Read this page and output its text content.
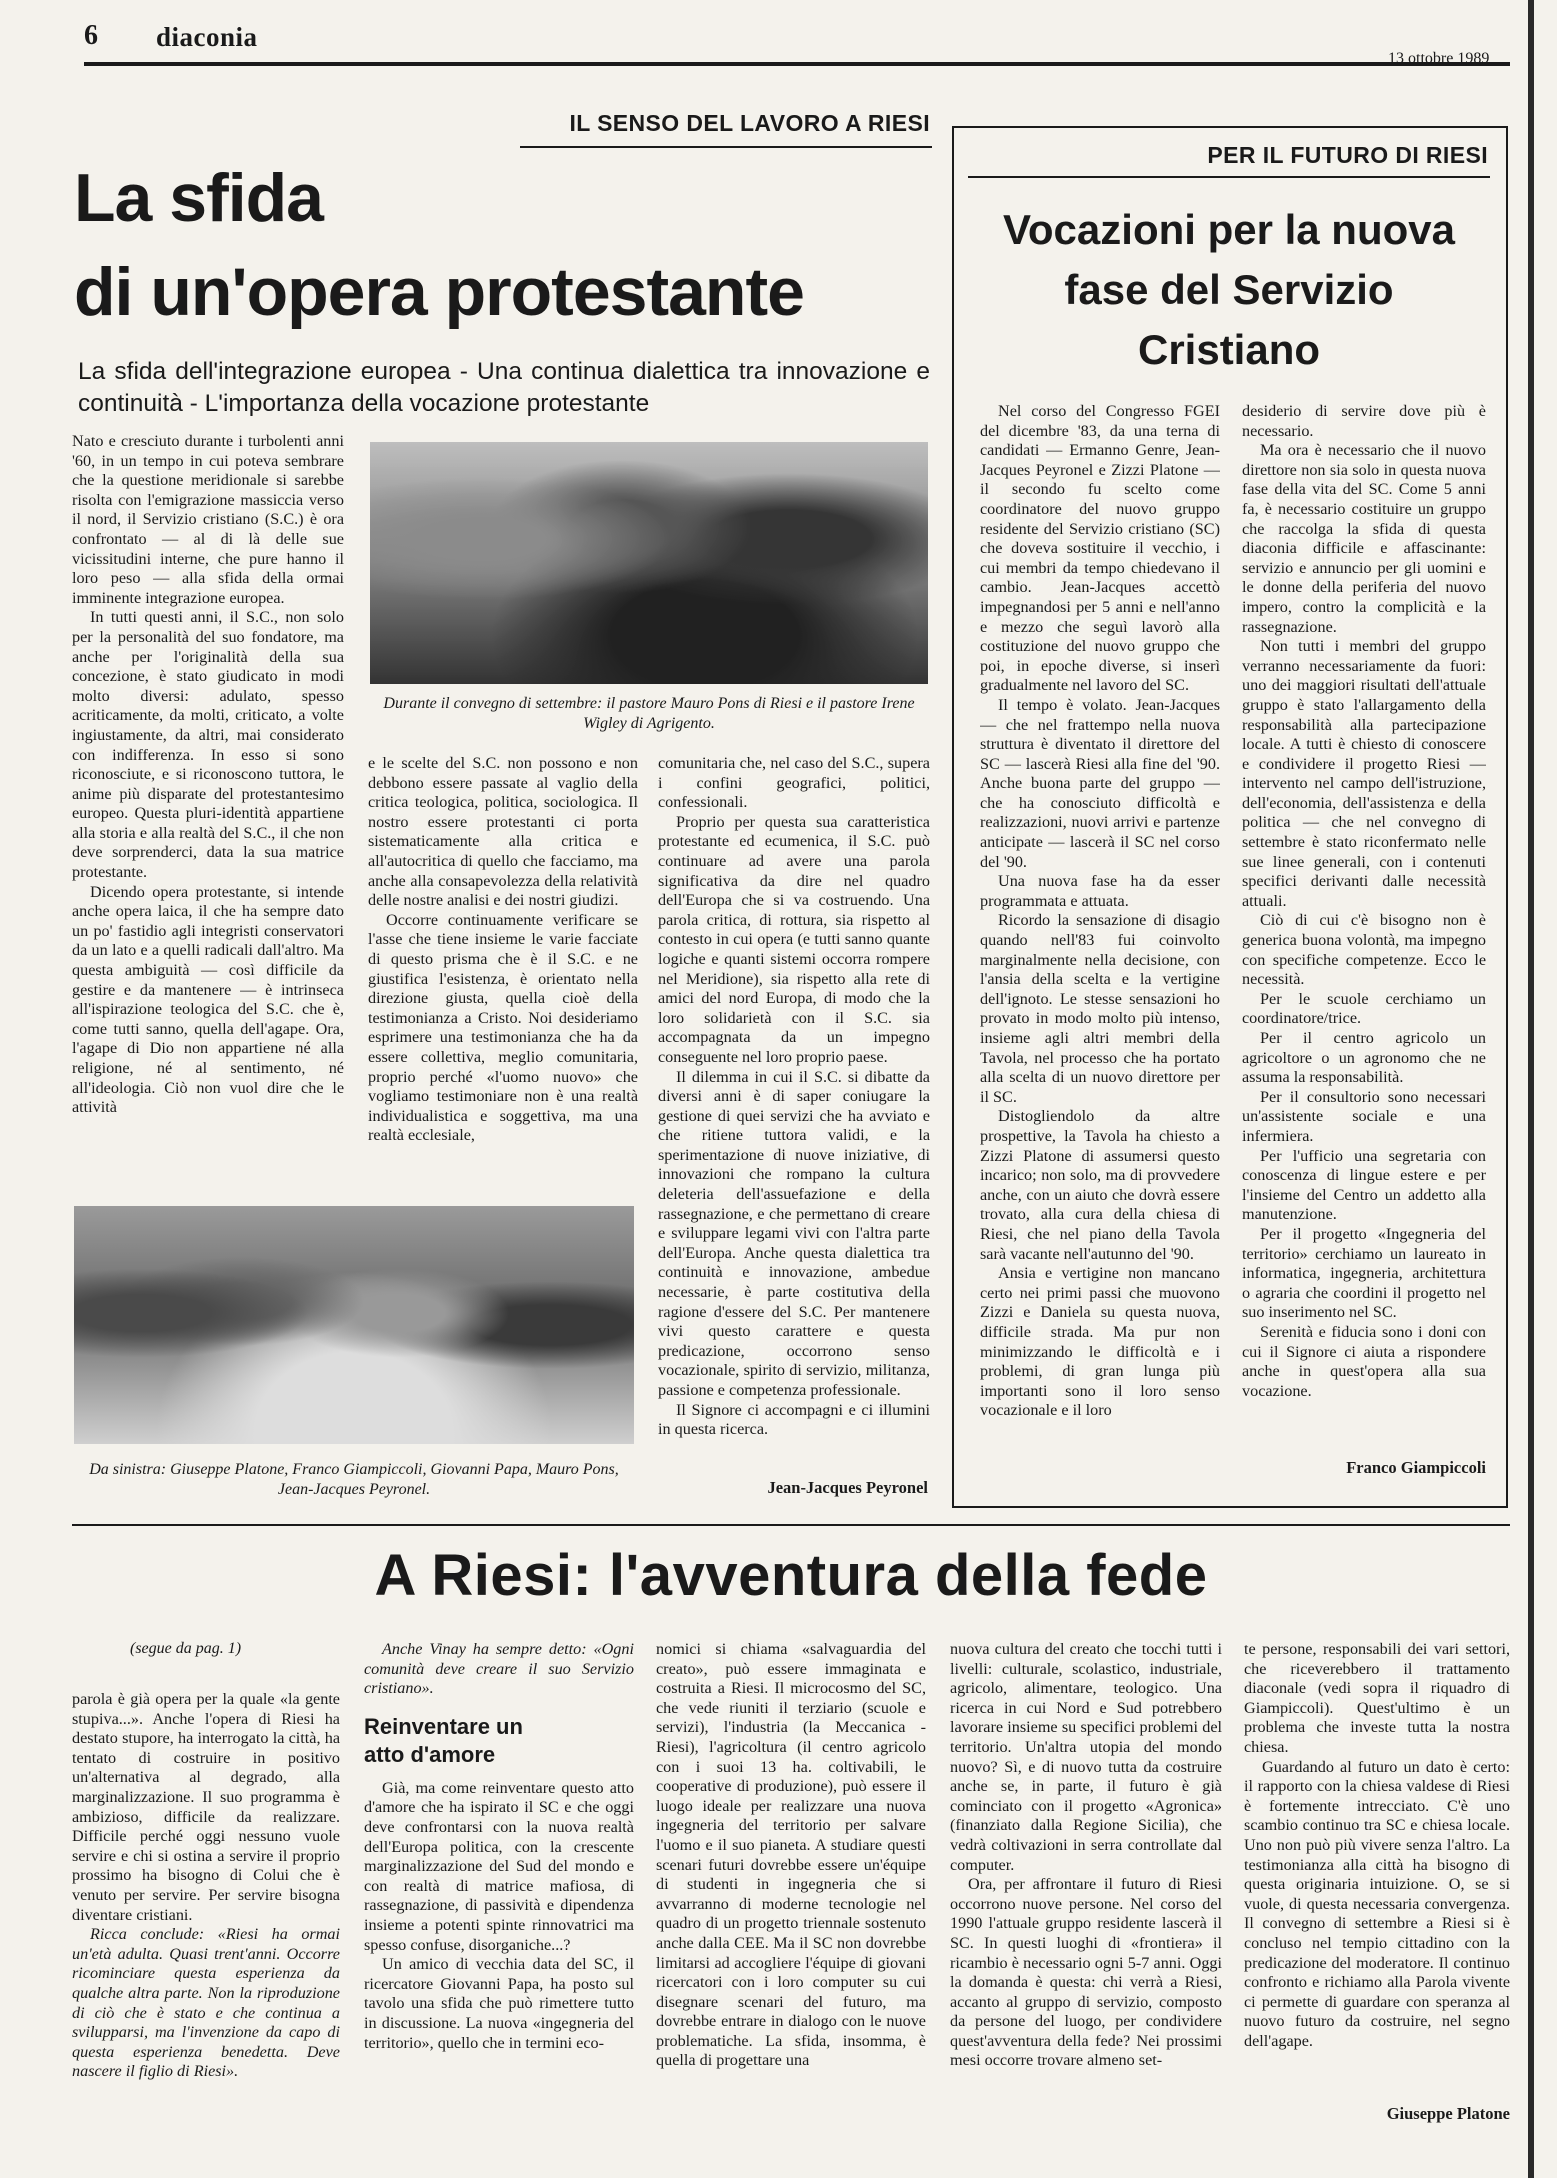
6 diaconia
13 ottobre 1989
IL SENSO DEL LAVORO A RIESI
La sfida
di un'opera protestante
La sfida dell'integrazione europea - Una continua dialettica tra innovazione e continuità - L'importanza della vocazione protestante

Nato e cresciuto durante i turbolenti anni '60, in un tempo in cui poteva sembrare che la questione meridionale si sarebbe risolta con l'emigrazione massiccia verso il nord, il Servizio cristiano (S.C.) è ora confrontato — al di là delle sue vicissitudini interne, che pure hanno il loro peso — alla sfida della ormai imminente integrazione europea.

In tutti questi anni, il S.C., non solo per la personalità del suo fondatore, ma anche per l'originalità della sua concezione, è stato giudicato in modi molto diversi: adulato, spesso acriticamente, da molti, criticato, a volte ingiustamente, da altri, mai considerato con indifferenza. In esso si sono riconosciute, e si riconoscono tuttora, le anime più disparate del protestantesimo europeo. Questa pluri-identità appartiene alla storia e alla realtà del S.C., il che non deve sorprenderci, data la sua matrice protestante.

Dicendo opera protestante, si intende anche opera laica, il che ha sempre dato un po' fastidio agli integristi conservatori da un lato e a quelli radicali dall'altro. Ma questa ambiguità — così difficile da gestire e da mantenere — è intrinseca all'ispirazione teologica del S.C. che è, come tutti sanno, quella dell'agape. Ora, l'agape di Dio non appartiene né alla religione, né al sentimento, né all'ideologia. Ciò non vuol dire che le attività

Durante il convegno di settembre: il pastore Mauro Pons di Riesi e il pastore Irene Wigley di Agrigento.

e le scelte del S.C. non possono e non debbono essere passate al vaglio della critica teologica, politica, sociologica. Il nostro essere protestanti ci porta sistematicamente alla critica e all'autocritica di quello che facciamo, ma anche alla consapevolezza della relatività delle nostre analisi e dei nostri giudizi.

Occorre continuamente verificare se l'asse che tiene insieme le varie facciate di questo prisma che è il S.C. e ne giustifica l'esistenza, è orientato nella direzione giusta, quella cioè della testimonianza a Cristo. Noi desideriamo esprimere una testimonianza che ha da essere collettiva, meglio comunitaria, proprio perché «l'uomo nuovo» che vogliamo testimoniare non è una realtà individualistica e soggettiva, ma una realtà ecclesiale,

comunitaria che, nel caso del S.C., supera i confini geografici, politici, confessionali.

Proprio per questa sua caratteristica protestante ed ecumenica, il S.C. può continuare ad avere una parola significativa da dire nel quadro dell'Europa che si va costruendo. Una parola critica, di rottura, sia rispetto al contesto in cui opera (e tutti sanno quante logiche e quanti sistemi occorra rompere nel Meridione), sia rispetto alla rete di amici del nord Europa, di modo che la loro solidarietà con il S.C. sia accompagnata da un impegno conseguente nel loro proprio paese.

Il dilemma in cui il S.C. si dibatte da diversi anni è di saper coniugare la gestione di quei servizi che ha avviato e che ritiene tuttora validi, e la sperimentazione di nuove iniziative, di innovazioni che rompano la cultura deleteria dell'assuefazione e della rassegnazione, e che permettano di creare e sviluppare legami vivi con l'altra parte dell'Europa. Anche questa dialettica tra continuità e innovazione, ambedue necessarie, è parte costitutiva della ragione d'essere del S.C. Per mantenere vivi questo carattere e questa predicazione, occorrono senso vocazionale, spirito di servizio, militanza, passione e competenza professionale.

Il Signore ci accompagni e ci illumini in questa ricerca.

Jean-Jacques Peyronel
Da sinistra: Giuseppe Platone, Franco Giampiccoli, Giovanni Papa, Mauro Pons, Jean-Jacques Peyronel.
PER IL FUTURO DI RIESI
Vocazioni per la nuova fase del Servizio Cristiano

Nel corso del Congresso FGEI del dicembre '83, da una terna di candidati — Ermanno Genre, Jean-Jacques Peyronel e Zizzi Platone — il secondo fu scelto come coordinatore del nuovo gruppo residente del Servizio cristiano (SC) che doveva sostituire il vecchio, i cui membri da tempo chiedevano il cambio. Jean-Jacques accettò impegnandosi per 5 anni e nell'anno e mezzo che seguì lavorò alla costituzione del nuovo gruppo che poi, in epoche diverse, si inserì gradualmente nel lavoro del SC.

Il tempo è volato. Jean-Jacques — che nel frattempo nella nuova struttura è diventato il direttore del SC — lascerà Riesi alla fine del '90. Anche buona parte del gruppo — che ha conosciuto difficoltà e realizzazioni, nuovi arrivi e partenze anticipate — lascerà il SC nel corso del '90.

Una nuova fase ha da esser programmata e attuata.

Ricordo la sensazione di disagio quando nell'83 fui coinvolto marginalmente nella decisione, con l'ansia della scelta e la vertigine dell'ignoto. Le stesse sensazioni ho provato in modo molto più intenso, insieme agli altri membri della Tavola, nel processo che ha portato alla scelta di un nuovo direttore per il SC.

Distogliendolo da altre prospettive, la Tavola ha chiesto a Zizzi Platone di assumersi questo incarico; non solo, ma di provvedere anche, con un aiuto che dovrà essere trovato, alla cura della chiesa di Riesi, che nel piano della Tavola sarà vacante nell'autunno del '90.

Ansia e vertigine non mancano certo nei primi passi che muovono Zizzi e Daniela su questa nuova, difficile strada. Ma pur non minimizzando le difficoltà e i problemi, di gran lunga più importanti sono il loro senso vocazionale e il loro

desiderio di servire dove più è necessario.

Ma ora è necessario che il nuovo direttore non sia solo in questa nuova fase della vita del SC. Come 5 anni fa, è necessario costituire un gruppo che raccolga la sfida di questa diaconia difficile e affascinante: servizio e annuncio per gli uomini e le donne della periferia del nuovo impero, contro la complicità e la rassegnazione.

Non tutti i membri del gruppo verranno necessariamente da fuori: uno dei maggiori risultati dell'attuale gruppo è stato l'allargamento della responsabilità alla partecipazione locale. A tutti è chiesto di conoscere e condividere il progetto Riesi — intervento nel campo dell'istruzione, dell'economia, dell'assistenza e della politica — che nel convegno di settembre è stato riconfermato nelle sue linee generali, con i contenuti specifici derivanti dalle necessità attuali.

Ciò di cui c'è bisogno non è generica buona volontà, ma impegno con specifiche competenze. Ecco le necessità.

Per le scuole cerchiamo un coordinatore/trice.

Per il centro agricolo un agricoltore o un agronomo che ne assuma la responsabilità.

Per il consultorio sono necessari un'assistente sociale e una infermiera.

Per l'ufficio una segretaria con conoscenza di lingue estere e per l'insieme del Centro un addetto alla manutenzione.

Per il progetto «Ingegneria del territorio» cerchiamo un laureato in informatica, ingegneria, architettura o agraria che coordini il progetto nel suo inserimento nel SC.

Serenità e fiducia sono i doni con cui il Signore ci aiuta a rispondere anche in quest'opera alla sua vocazione.

Franco Giampiccoli
A Riesi: l'avventura della fede
(segue da pag. 1)

parola è già opera per la quale «la gente stupiva...». Anche l'opera di Riesi ha destato stupore, ha interrogato la città, ha tentato di costruire in positivo un'alternativa al degrado, alla marginalizzazione. Il suo programma è ambizioso, difficile da realizzare. Difficile perché oggi nessuno vuole servire e chi si ostina a servire il proprio prossimo ha bisogno di Colui che è venuto per servire. Per servire bisogna diventare cristiani.

Ricca conclude: «Riesi ha ormai un'età adulta. Quasi trent'anni. Occorre ricominciare questa esperienza da qualche altra parte. Non la riproduzione di ciò che è stato e che continua a svilupparsi, ma l'invenzione da capo di questa esperienza benedetta. Deve nascere il figlio di Riesi».

Anche Vinay ha sempre detto: «Ogni comunità deve creare il suo Servizio cristiano».

Reinventare un atto d'amore

Già, ma come reinventare questo atto d'amore che ha ispirato il SC e che oggi deve confrontarsi con la nuova realtà dell'Europa politica, con la crescente marginalizzazione del Sud del mondo e con realtà di matrice mafiosa, di rassegnazione, di passività e dipendenza insieme a potenti spinte rinnovatrici ma spesso confuse, disorganiche...?

Un amico di vecchia data del SC, il ricercatore Giovanni Papa, ha posto sul tavolo una sfida che può rimettere tutto in discussione. La nuova «ingegneria del territorio», quello che in termini eco-

nomici si chiama «salvaguardia del creato», può essere immaginata e costruita a Riesi. Il microcosmo del SC, che vede riuniti il terziario (scuole e servizi), l'industria (la Meccanica - Riesi), l'agricoltura (il centro agricolo con i suoi 13 ha. coltivabili, le cooperative di produzione), può essere il luogo ideale per realizzare una nuova ingegneria del territorio per salvare l'uomo e il suo pianeta. A studiare questi scenari futuri dovrebbe essere un'équipe di studenti in ingegneria che si avvarranno di moderne tecnologie nel quadro di un progetto triennale sostenuto anche dalla CEE. Ma il SC non dovrebbe limitarsi ad accogliere l'équipe di giovani ricercatori con i loro computer su cui disegnare scenari del futuro, ma dovrebbe entrare in dialogo con le nuove problematiche. La sfida, insomma, è quella di progettare una

nuova cultura del creato che tocchi tutti i livelli: culturale, scolastico, industriale, agricolo, alimentare, teologico. Una ricerca in cui Nord e Sud potrebbero lavorare insieme su specifici problemi del territorio. Un'altra utopia del mondo nuovo? Sì, e di nuovo tutta da costruire anche se, in parte, il futuro è già cominciato con il progetto «Agronica» (finanziato dalla Regione Sicilia), che vedrà coltivazioni in serra controllate dal computer.

Ora, per affrontare il futuro di Riesi occorrono nuove persone. Nel corso del 1990 l'attuale gruppo residente lascerà il SC. In questi luoghi di «frontiera» il ricambio è necessario ogni 5-7 anni. Oggi la domanda è questa: chi verrà a Riesi, accanto al gruppo di servizio, composto da persone del luogo, per condividere quest'avventura della fede? Nei prossimi mesi occorre trovare almeno set-

te persone, responsabili dei vari settori, che riceverebbero il trattamento diaconale (vedi sopra il riquadro di Giampiccoli). Quest'ultimo è un problema che investe tutta la nostra chiesa.

Guardando al futuro un dato è certo: il rapporto con la chiesa valdese di Riesi è fortemente intrecciato. C'è uno scambio continuo tra SC e chiesa locale. Uno non può più vivere senza l'altro. La testimonianza alla città ha bisogno di questa originaria intuizione. O, se si vuole, di questa necessaria convergenza. Il convegno di settembre a Riesi si è concluso nel tempio cittadino con la predicazione del moderatore. Il continuo confronto e richiamo alla Parola vivente ci permette di guardare con speranza al nuovo futuro da costruire, nel segno dell'agape.

Giuseppe Platone
